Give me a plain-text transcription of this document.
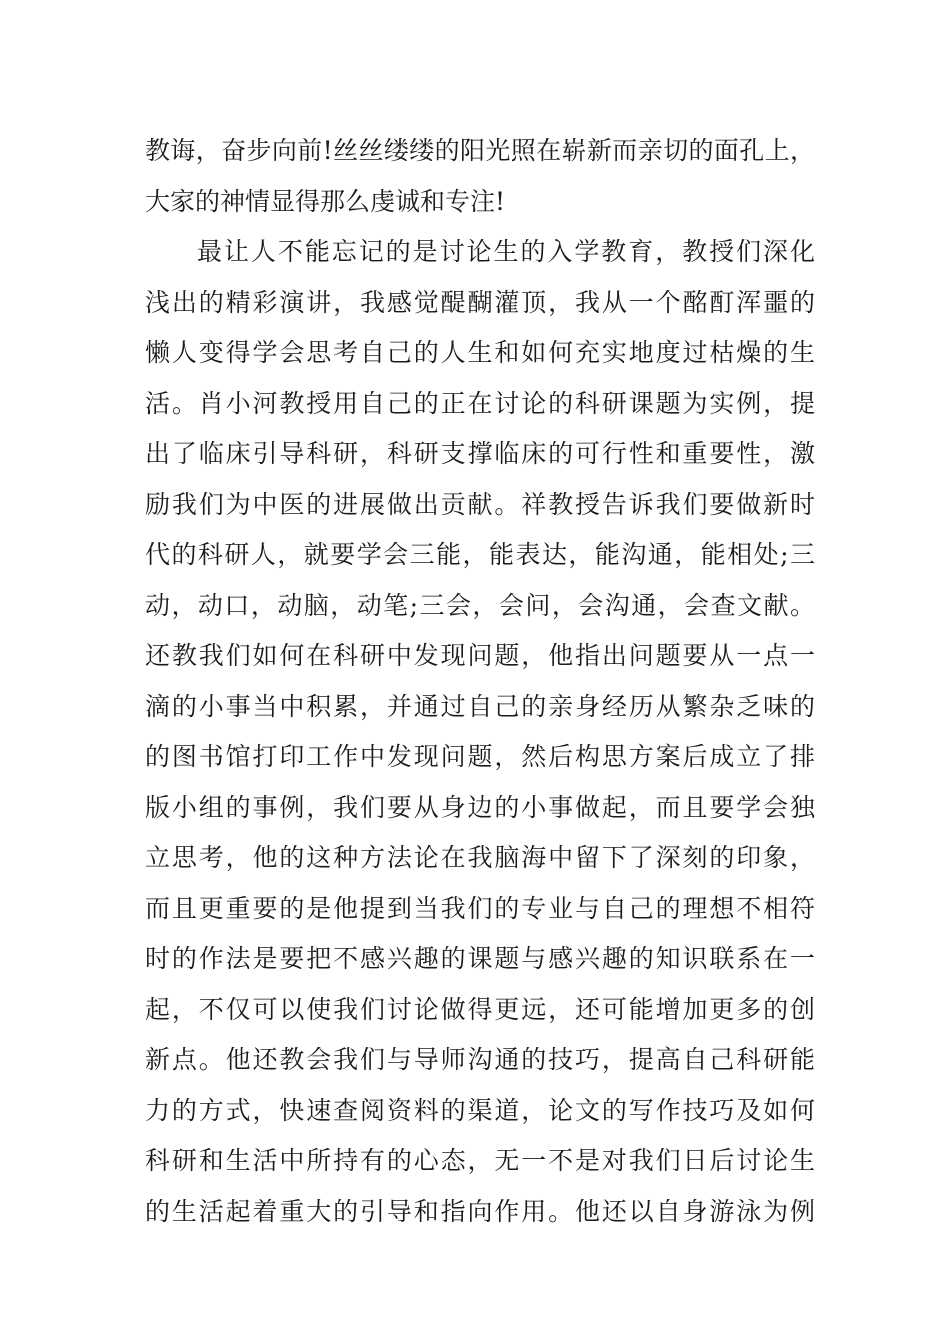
教诲，奋步向前!丝丝缕缕的阳光照在崭新而亲切的面孔上，
大家的神情显得那么虔诚和专注!
最让人不能忘记的是讨论生的入学教育，教授们深化
浅出的精彩演讲，我感觉醍醐灌顶，我从一个酩酊浑噩的
懒人变得学会思考自己的人生和如何充实地度过枯燥的生
活。肖小河教授用自己的正在讨论的科研课题为实例，提
出了临床引导科研，科研支撑临床的可行性和重要性，激
励我们为中医的进展做出贡献。祥教授告诉我们要做新时
代的科研人，就要学会三能，能表达，能沟通，能相处;三
动，动口，动脑，动笔;三会，会问，会沟通，会查文献。
还教我们如何在科研中发现问题，他指出问题要从一点一
滴的小事当中积累，并通过自己的亲身经历从繁杂乏味的
的图书馆打印工作中发现问题，然后构思方案后成立了排
版小组的事例，我们要从身边的小事做起，而且要学会独
立思考，他的这种方法论在我脑海中留下了深刻的印象，
而且更重要的是他提到当我们的专业与自己的理想不相符
时的作法是要把不感兴趣的课题与感兴趣的知识联系在一
起，不仅可以使我们讨论做得更远，还可能增加更多的创
新点。他还教会我们与导师沟通的技巧，提高自己科研能
力的方式，快速查阅资料的渠道，论文的写作技巧及如何
科研和生活中所持有的心态，无一不是对我们日后讨论生
的生活起着重大的引导和指向作用。他还以自身游泳为例
